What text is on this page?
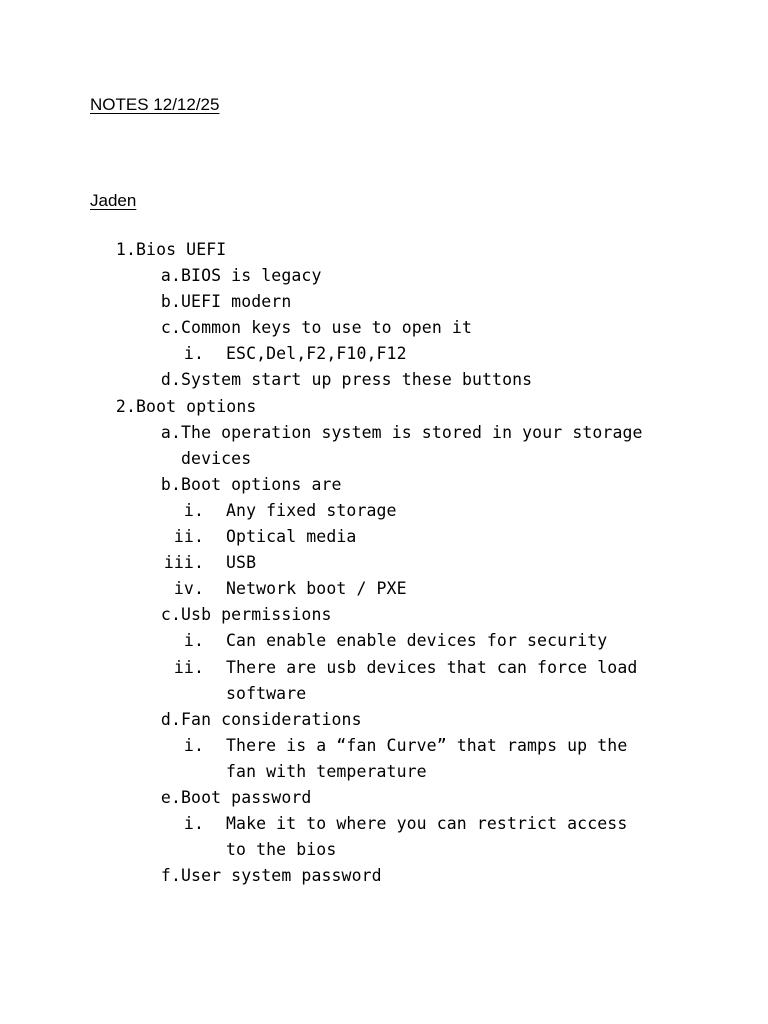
NOTES 12/12/25
Jaden
1. Bios UEFI
a. BIOS is legacy
b. UEFI modern
c. Common keys to use to open it
i. ESC,Del,F2,F10,F12
d. System start up press these buttons
2. Boot options
a. The operation system is stored in your storage
devices
b. Boot options are
i. Any fixed storage
ii. Optical media
iii. USB
iv. Network boot / PXE
c. Usb permissions
i. Can enable enable devices for security
ii. There are usb devices that can force load
software
d. Fan considerations
i. There is a “fan Curve” that ramps up the
fan with temperature
e. Boot password
i. Make it to where you can restrict access
to the bios
f. User system password
